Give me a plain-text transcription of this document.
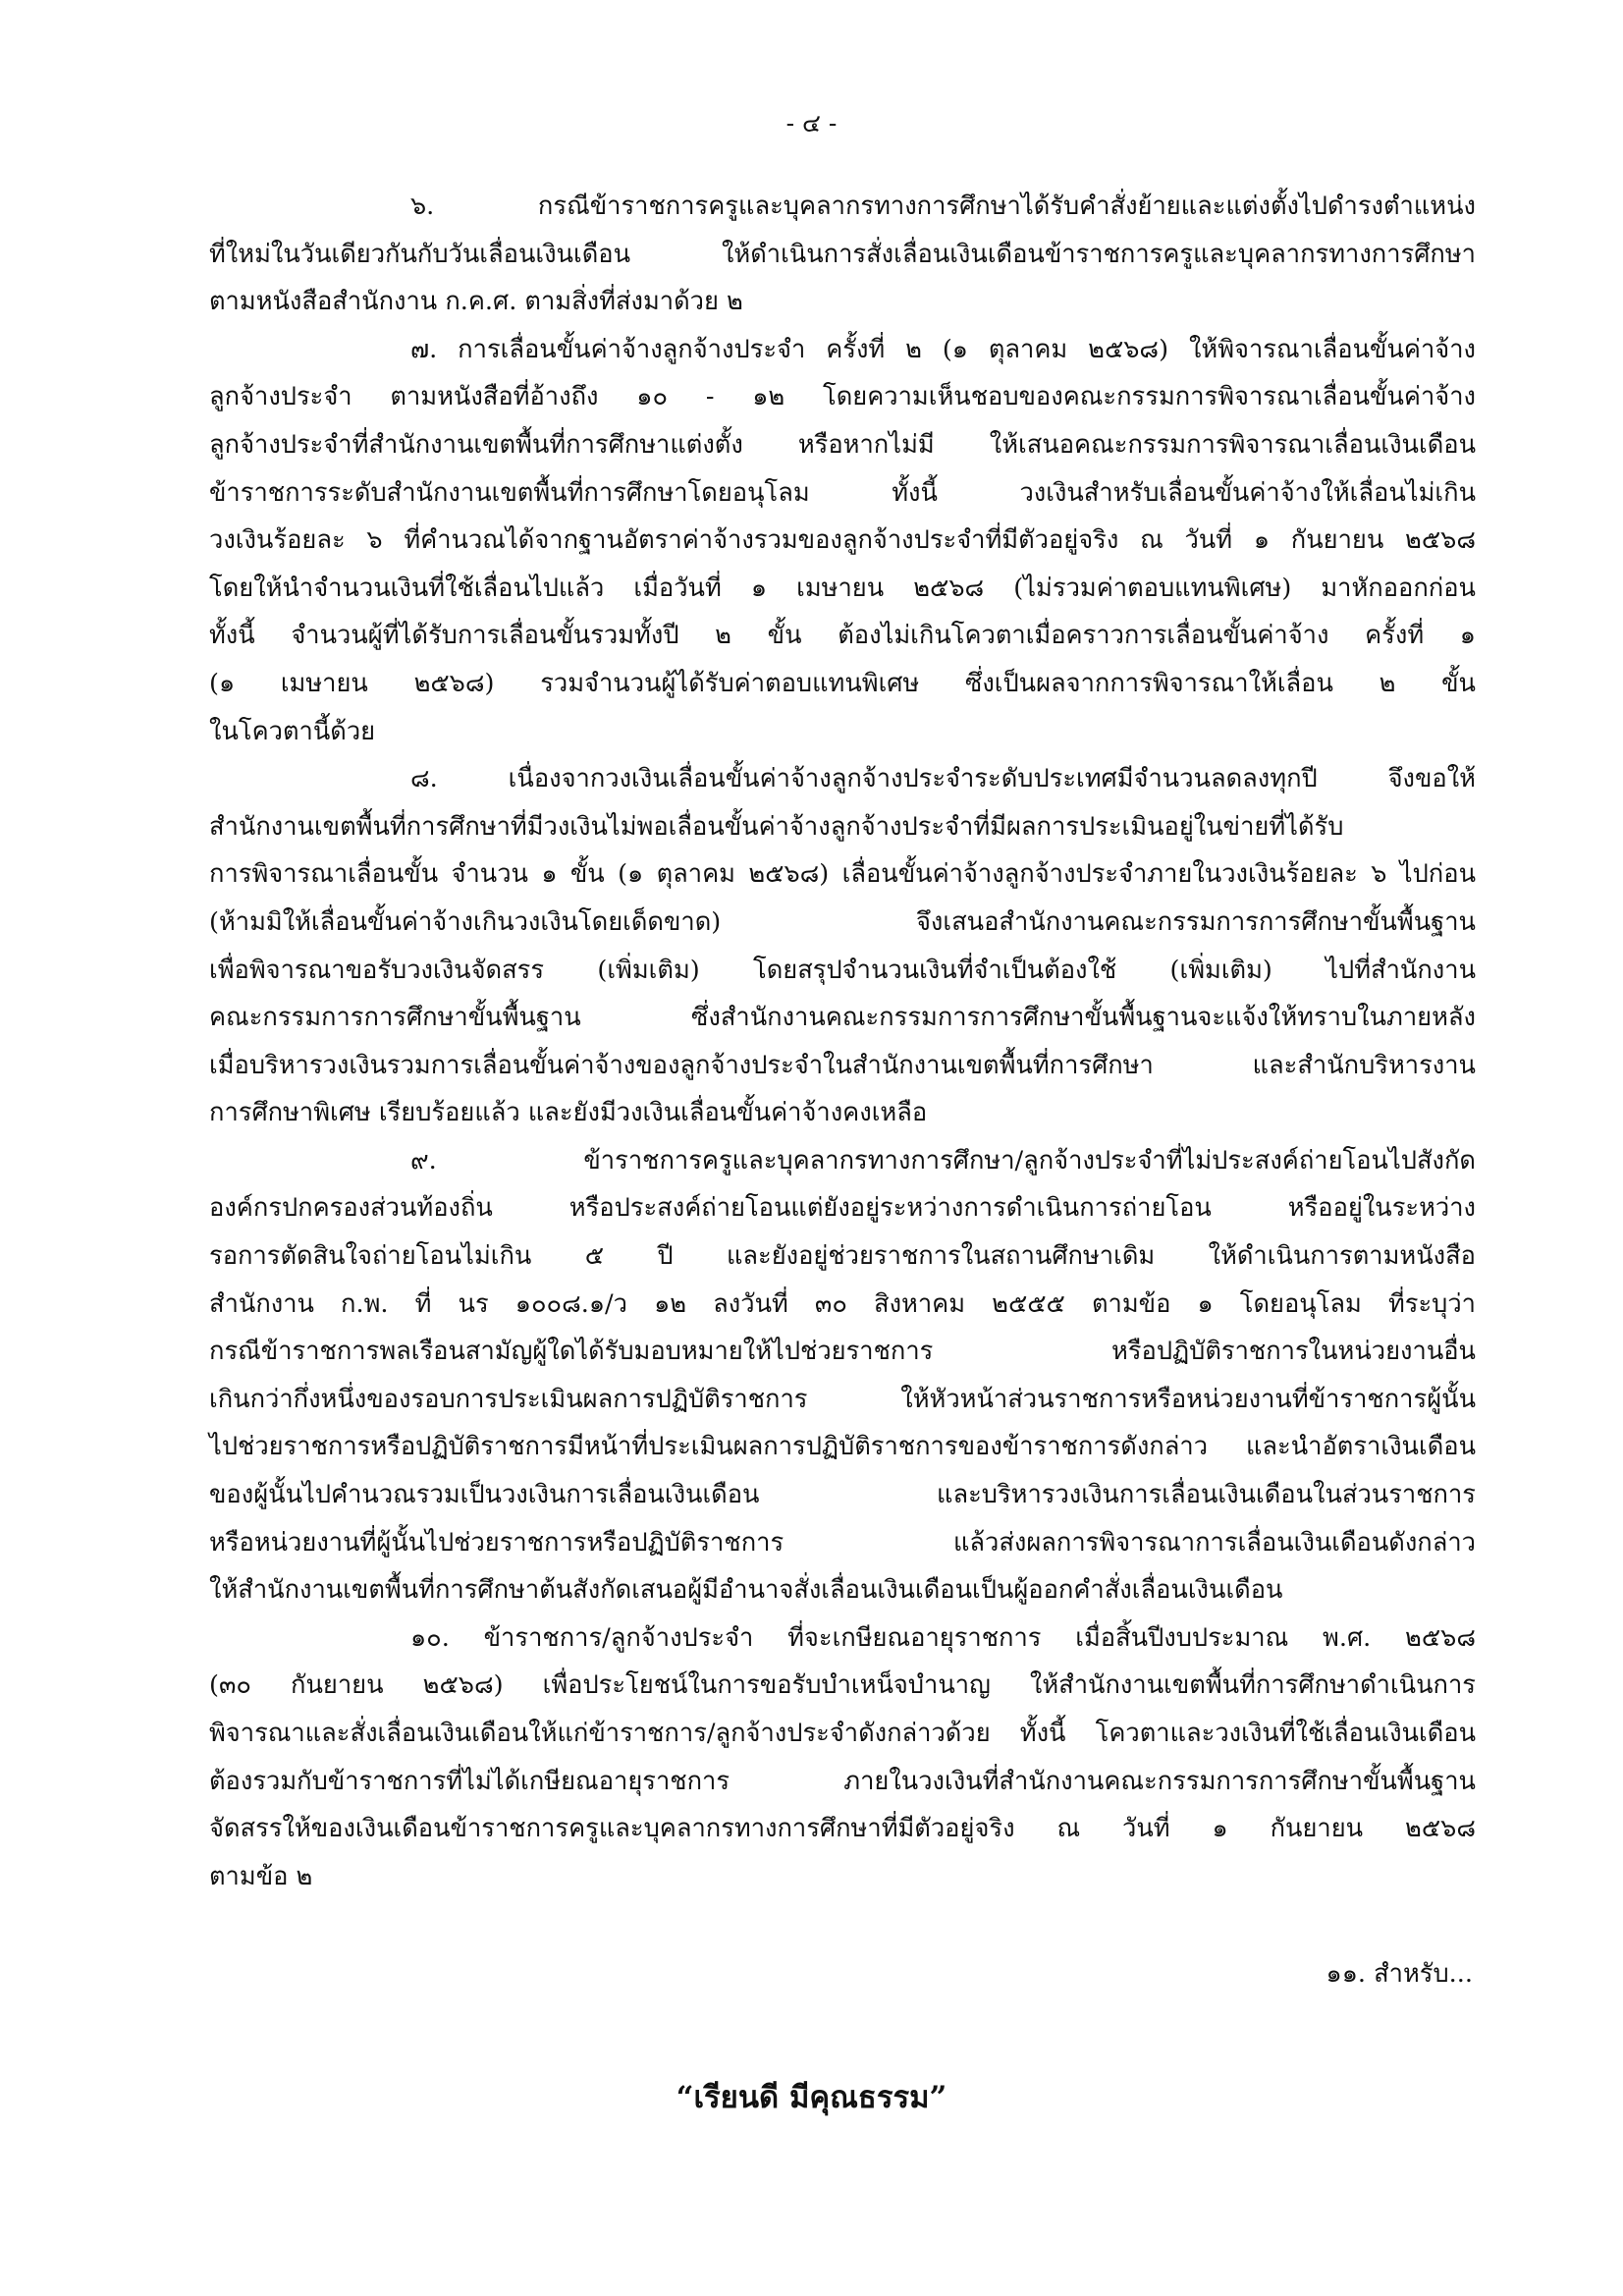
- ๔ -
๖. กรณีข้าราชการครูและบุคลากรทางการศึกษาได้รับคำสั่งย้ายและแต่งตั้งไปดำรงตำแหน่ง
ที่ใหม่ในวันเดียวกันกับวันเลื่อนเงินเดือน ให้ดำเนินการสั่งเลื่อนเงินเดือนข้าราชการครูและบุคลากรทางการศึกษา
ตามหนังสือสำนักงาน ก.ค.ศ. ตามสิ่งที่ส่งมาด้วย ๒
๗. การเลื่อนขั้นค่าจ้างลูกจ้างประจำ ครั้งที่ ๒ (๑ ตุลาคม ๒๕๖๘) ให้พิจารณาเลื่อนขั้นค่าจ้าง
ลูกจ้างประจำ ตามหนังสือที่อ้างถึง ๑๐ - ๑๒ โดยความเห็นชอบของคณะกรรมการพิจารณาเลื่อนขั้นค่าจ้าง
ลูกจ้างประจำที่สำนักงานเขตพื้นที่การศึกษาแต่งตั้ง หรือหากไม่มี ให้เสนอคณะกรรมการพิจารณาเลื่อนเงินเดือน
ข้าราชการระดับสำนักงานเขตพื้นที่การศึกษาโดยอนุโลม ทั้งนี้ วงเงินสำหรับเลื่อนขั้นค่าจ้างให้เลื่อนไม่เกิน
วงเงินร้อยละ ๖ ที่คำนวณได้จากฐานอัตราค่าจ้างรวมของลูกจ้างประจำที่มีตัวอยู่จริง ณ วันที่ ๑ กันยายน ๒๕๖๘
โดยให้นำจำนวนเงินที่ใช้เลื่อนไปแล้ว เมื่อวันที่ ๑ เมษายน ๒๕๖๘ (ไม่รวมค่าตอบแทนพิเศษ) มาหักออกก่อน
ทั้งนี้ จำนวนผู้ที่ได้รับการเลื่อนขั้นรวมทั้งปี ๒ ขั้น ต้องไม่เกินโควตาเมื่อคราวการเลื่อนขั้นค่าจ้าง ครั้งที่ ๑
(๑ เมษายน ๒๕๖๘) รวมจำนวนผู้ได้รับค่าตอบแทนพิเศษ ซึ่งเป็นผลจากการพิจารณาให้เลื่อน ๒ ขั้น
ในโควตานี้ด้วย
๘. เนื่องจากวงเงินเลื่อนขั้นค่าจ้างลูกจ้างประจำระดับประเทศมีจำนวนลดลงทุกปี จึงขอให้
สำนักงานเขตพื้นที่การศึกษาที่มีวงเงินไม่พอเลื่อนขั้นค่าจ้างลูกจ้างประจำที่มีผลการประเมินอยู่ในข่ายที่ได้รับ
การพิจารณาเลื่อนขั้น จำนวน ๑ ขั้น (๑ ตุลาคม ๒๕๖๘) เลื่อนขั้นค่าจ้างลูกจ้างประจำภายในวงเงินร้อยละ ๖ ไปก่อน
(ห้ามมิให้เลื่อนขั้นค่าจ้างเกินวงเงินโดยเด็ดขาด) จึงเสนอสำนักงานคณะกรรมการการศึกษาขั้นพื้นฐาน
เพื่อพิจารณาขอรับวงเงินจัดสรร (เพิ่มเติม) โดยสรุปจำนวนเงินที่จำเป็นต้องใช้ (เพิ่มเติม) ไปที่สำนักงาน
คณะกรรมการการศึกษาขั้นพื้นฐาน ซึ่งสำนักงานคณะกรรมการการศึกษาขั้นพื้นฐานจะแจ้งให้ทราบในภายหลัง
เมื่อบริหารวงเงินรวมการเลื่อนขั้นค่าจ้างของลูกจ้างประจำในสำนักงานเขตพื้นที่การศึกษา และสำนักบริหารงาน
การศึกษาพิเศษ เรียบร้อยแล้ว และยังมีวงเงินเลื่อนขั้นค่าจ้างคงเหลือ
๙. ข้าราชการครูและบุคลากรทางการศึกษา/ลูกจ้างประจำที่ไม่ประสงค์ถ่ายโอนไปสังกัด
องค์กรปกครองส่วนท้องถิ่น หรือประสงค์ถ่ายโอนแต่ยังอยู่ระหว่างการดำเนินการถ่ายโอน หรืออยู่ในระหว่าง
รอการตัดสินใจถ่ายโอนไม่เกิน ๕ ปี และยังอยู่ช่วยราชการในสถานศึกษาเดิม ให้ดำเนินการตามหนังสือ
สำนักงาน ก.พ. ที่ นร ๑๐๐๘.๑/ว ๑๒ ลงวันที่ ๓๐ สิงหาคม ๒๕๕๕ ตามข้อ ๑ โดยอนุโลม ที่ระบุว่า
กรณีข้าราชการพลเรือนสามัญผู้ใดได้รับมอบหมายให้ไปช่วยราชการ หรือปฏิบัติราชการในหน่วยงานอื่น
เกินกว่ากึ่งหนึ่งของรอบการประเมินผลการปฏิบัติราชการ ให้หัวหน้าส่วนราชการหรือหน่วยงานที่ข้าราชการผู้นั้น
ไปช่วยราชการหรือปฏิบัติราชการมีหน้าที่ประเมินผลการปฏิบัติราชการของข้าราชการดังกล่าว และนำอัตราเงินเดือน
ของผู้นั้นไปคำนวณรวมเป็นวงเงินการเลื่อนเงินเดือน และบริหารวงเงินการเลื่อนเงินเดือนในส่วนราชการ
หรือหน่วยงานที่ผู้นั้นไปช่วยราชการหรือปฏิบัติราชการ แล้วส่งผลการพิจารณาการเลื่อนเงินเดือนดังกล่าว
ให้สำนักงานเขตพื้นที่การศึกษาต้นสังกัดเสนอผู้มีอำนาจสั่งเลื่อนเงินเดือนเป็นผู้ออกคำสั่งเลื่อนเงินเดือน
๑๐. ข้าราชการ/ลูกจ้างประจำ ที่จะเกษียณอายุราชการ เมื่อสิ้นปีงบประมาณ พ.ศ. ๒๕๖๘
(๓๐ กันยายน ๒๕๖๘) เพื่อประโยชน์ในการขอรับบำเหน็จบำนาญ ให้สำนักงานเขตพื้นที่การศึกษาดำเนินการ
พิจารณาและสั่งเลื่อนเงินเดือนให้แก่ข้าราชการ/ลูกจ้างประจำดังกล่าวด้วย ทั้งนี้ โควตาและวงเงินที่ใช้เลื่อนเงินเดือน
ต้องรวมกับข้าราชการที่ไม่ได้เกษียณอายุราชการ ภายในวงเงินที่สำนักงานคณะกรรมการการศึกษาขั้นพื้นฐาน
จัดสรรให้ของเงินเดือนข้าราชการครูและบุคลากรทางการศึกษาที่มีตัวอยู่จริง ณ วันที่ ๑ กันยายน ๒๕๖๘
ตามข้อ ๒
๑๑. สำหรับ...
“เรียนดี มีคุณธรรม”
